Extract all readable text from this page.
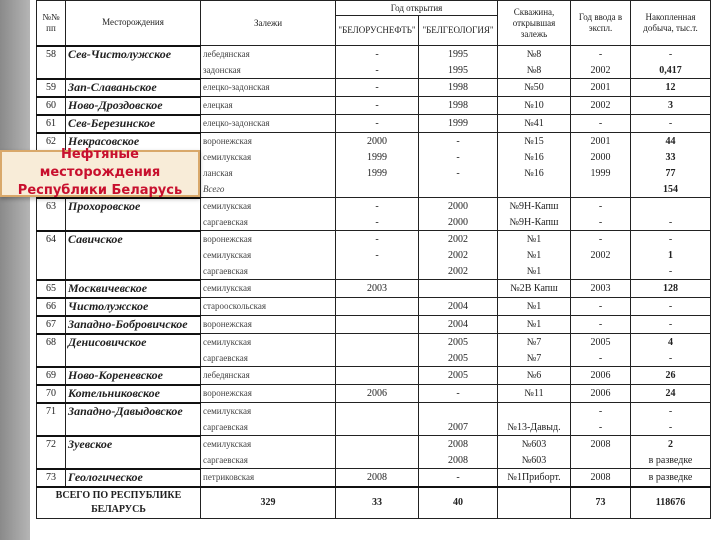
№№ пп	Месторождения	Залежи	Год открытия		Скважина, открывшая залежь	Год ввода в экспл.	Накопленная добыча, тыс.т.
			"БЕЛОРУСНЕФТЬ"	"БЕЛГЕОЛОГИЯ"			
58	Сев-Чистолужское	лебедянская	-	1995	№8	-	-
		задонская	-	1995	№8	2002	0,417
59	Зап-Славаньское	елецко-задонская	-	1998	№50	2001	12
60	Ново-Дроздовское	елецкая	-	1998	№10	2002	3
61	Сев-Березинское	елецко-задонская	-	1999	№41	-	-
62	Некрасовское	воронежская	2000	-	№15	2001	44
		семилукская	1999	-	№16	2000	33
		ланская	1999	-	№16	1999	77
		Всего					154
63	Прохоровское	семилукская	-	2000	№9Н-Капш	-	
		саргаевская	-	2000	№9Н-Капш	-	-
64	Савичское	воронежская	-	2002	№1	-	-
		семилукская	-	2002	№1	2002	1
		саргаевская		2002	№1		-
65	Москвичевское	семилукская	2003		№2В Капш	2003	128
66	Чистолужское	старооскольская		2004	№1	-	-
67	Западно-Бобровичское	воронежская		2004	№1	-	-
68	Денисовичское	семилукская		2005	№7	2005	4
		саргаевская		2005	№7	-	-
69	Ново-Кореневское	лебедянская		2005	№6	2006	26
70	Котельниковское	воронежская	2006	-	№11	2006	24
71	Западно-Давыдовское	семилукская				-	-
		саргаевская		2007	№13-Давыд.	-	-
72	Зуевское	семилукская		2008	№603	2008	2
		саргаевская		2008	№603		в разведке
73	Геологическое	петриковская	2008	-	№1Приборт.	2008	в разведке
ВСЕГО ПО РЕСПУБЛИКЕ БЕЛАРУСЬ		329	33	40		73	118676
Нефтяные месторождения
Республики Беларусь
